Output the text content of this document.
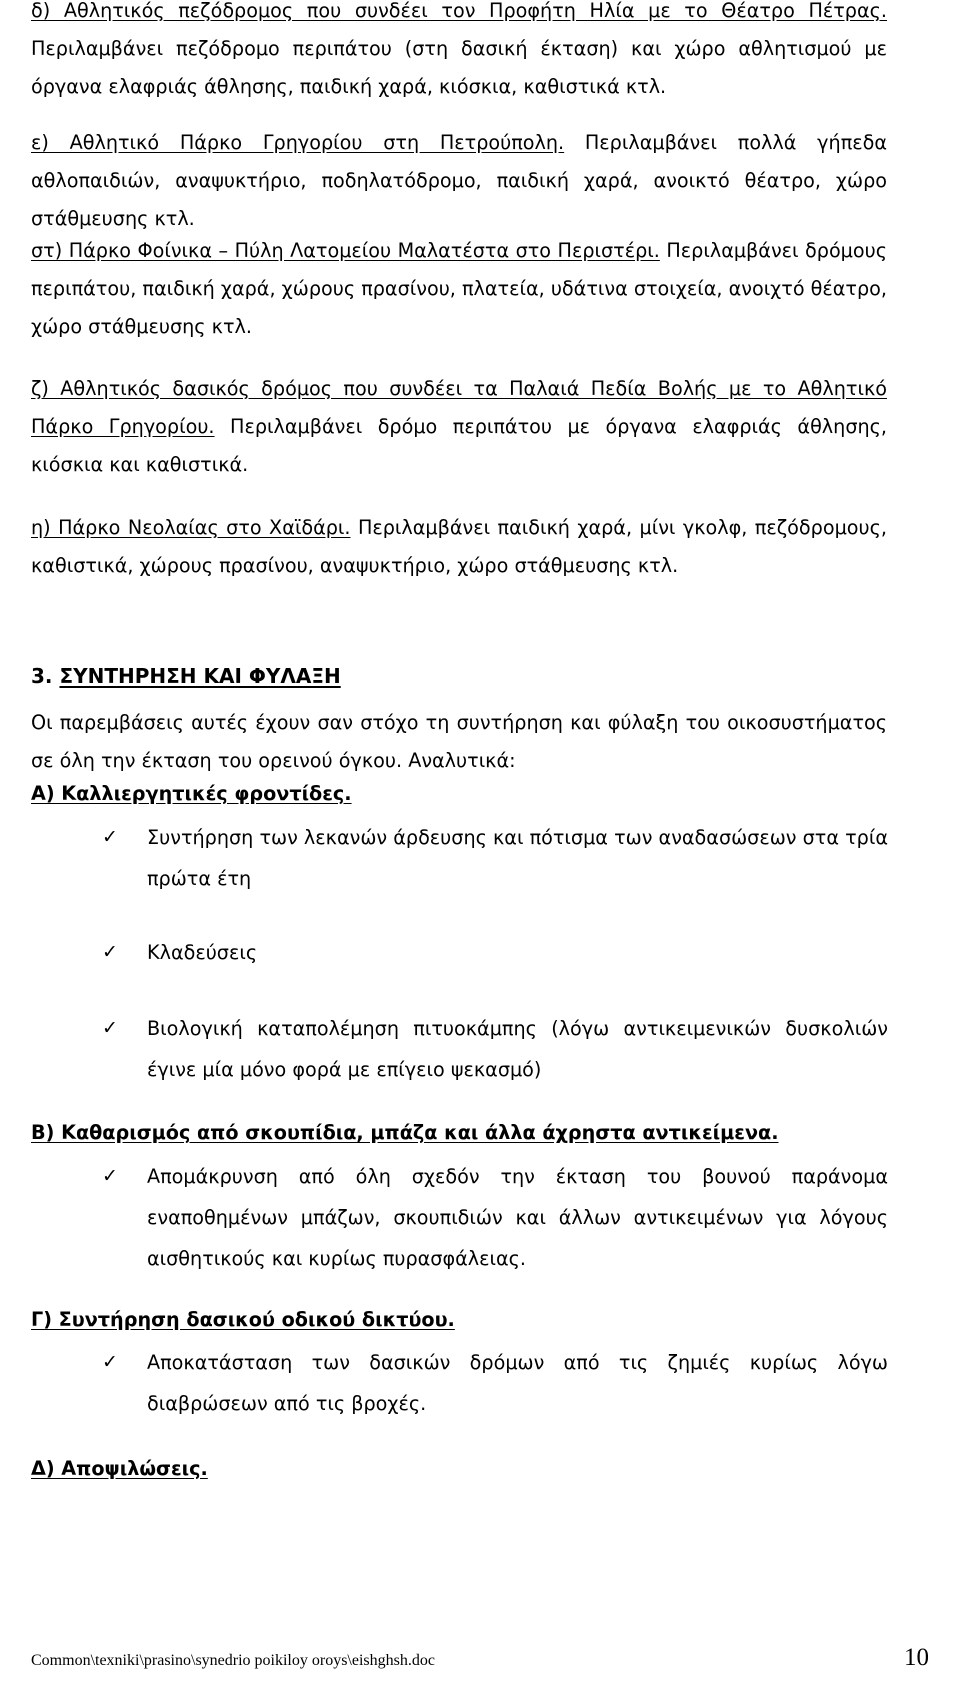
δ) Αθλητικός πεζόδρομος που συνδέει τον Προφήτη Ηλία με το Θέατρο Πέτρας. Περιλαμβάνει πεζόδρομο περιπάτου (στη δασική έκταση) και χώρο αθλητισμού με όργανα ελαφριάς άθλησης, παιδική χαρά, κιόσκια, καθιστικά κτλ.

ε) Αθλητικό Πάρκο Γρηγορίου στη Πετρούπολη. Περιλαμβάνει πολλά γήπεδα αθλοπαιδιών, αναψυκτήριο, ποδηλατόδρομο, παιδική χαρά, ανοικτό θέατρο, χώρο στάθμευσης κτλ.

στ) Πάρκο Φοίνικα – Πύλη Λατομείου Μαλατέστα στο Περιστέρι. Περιλαμβάνει δρόμους περιπάτου, παιδική χαρά, χώρους πρασίνου, πλατεία, υδάτινα στοιχεία, ανοιχτό θέατρο, χώρο στάθμευσης κτλ.

ζ) Αθλητικός δασικός δρόμος που συνδέει τα Παλαιά Πεδία Βολής με το Αθλητικό Πάρκο Γρηγορίου. Περιλαμβάνει δρόμο περιπάτου με όργανα ελαφριάς άθλησης, κιόσκια και καθιστικά.

η) Πάρκο Νεολαίας στο Χαϊδάρι. Περιλαμβάνει παιδική χαρά, μίνι γκολφ, πεζόδρομους, καθιστικά, χώρους πρασίνου, αναψυκτήριο, χώρο στάθμευσης κτλ.

3. ΣΥΝΤΗΡΗΣΗ ΚΑΙ ΦΥΛΑΞΗ

Οι παρεμβάσεις αυτές έχουν σαν στόχο τη συντήρηση και φύλαξη του οικοσυστήματος σε όλη την έκταση του ορεινού όγκου. Αναλυτικά:

Α) Καλλιεργητικές φροντίδες.

✓	Συντήρηση των λεκανών άρδευσης και πότισμα των αναδασώσεων στα τρία πρώτα έτη
✓	Κλαδεύσεις
✓	Βιολογική καταπολέμηση πιτυοκάμπης (λόγω αντικειμενικών δυσκολιών έγινε μία μόνο φορά με επίγειο ψεκασμό)

Β) Καθαρισμός από σκουπίδια, μπάζα και άλλα άχρηστα αντικείμενα.

✓	Απομάκρυνση από όλη σχεδόν την έκταση του βουνού παράνομα εναποθημένων μπάζων, σκουπιδιών και άλλων αντικειμένων για λόγους αισθητικούς και κυρίως πυρασφάλειας.

Γ) Συντήρηση δασικού οδικού δικτύου.

✓	Αποκατάσταση των δασικών δρόμων από τις ζημιές κυρίως λόγω διαβρώσεων από τις βροχές.

Δ) Αποψιλώσεις.

Common\texniki\prasino\synedrio poikiloy oroys\eishghsh.doc	10
